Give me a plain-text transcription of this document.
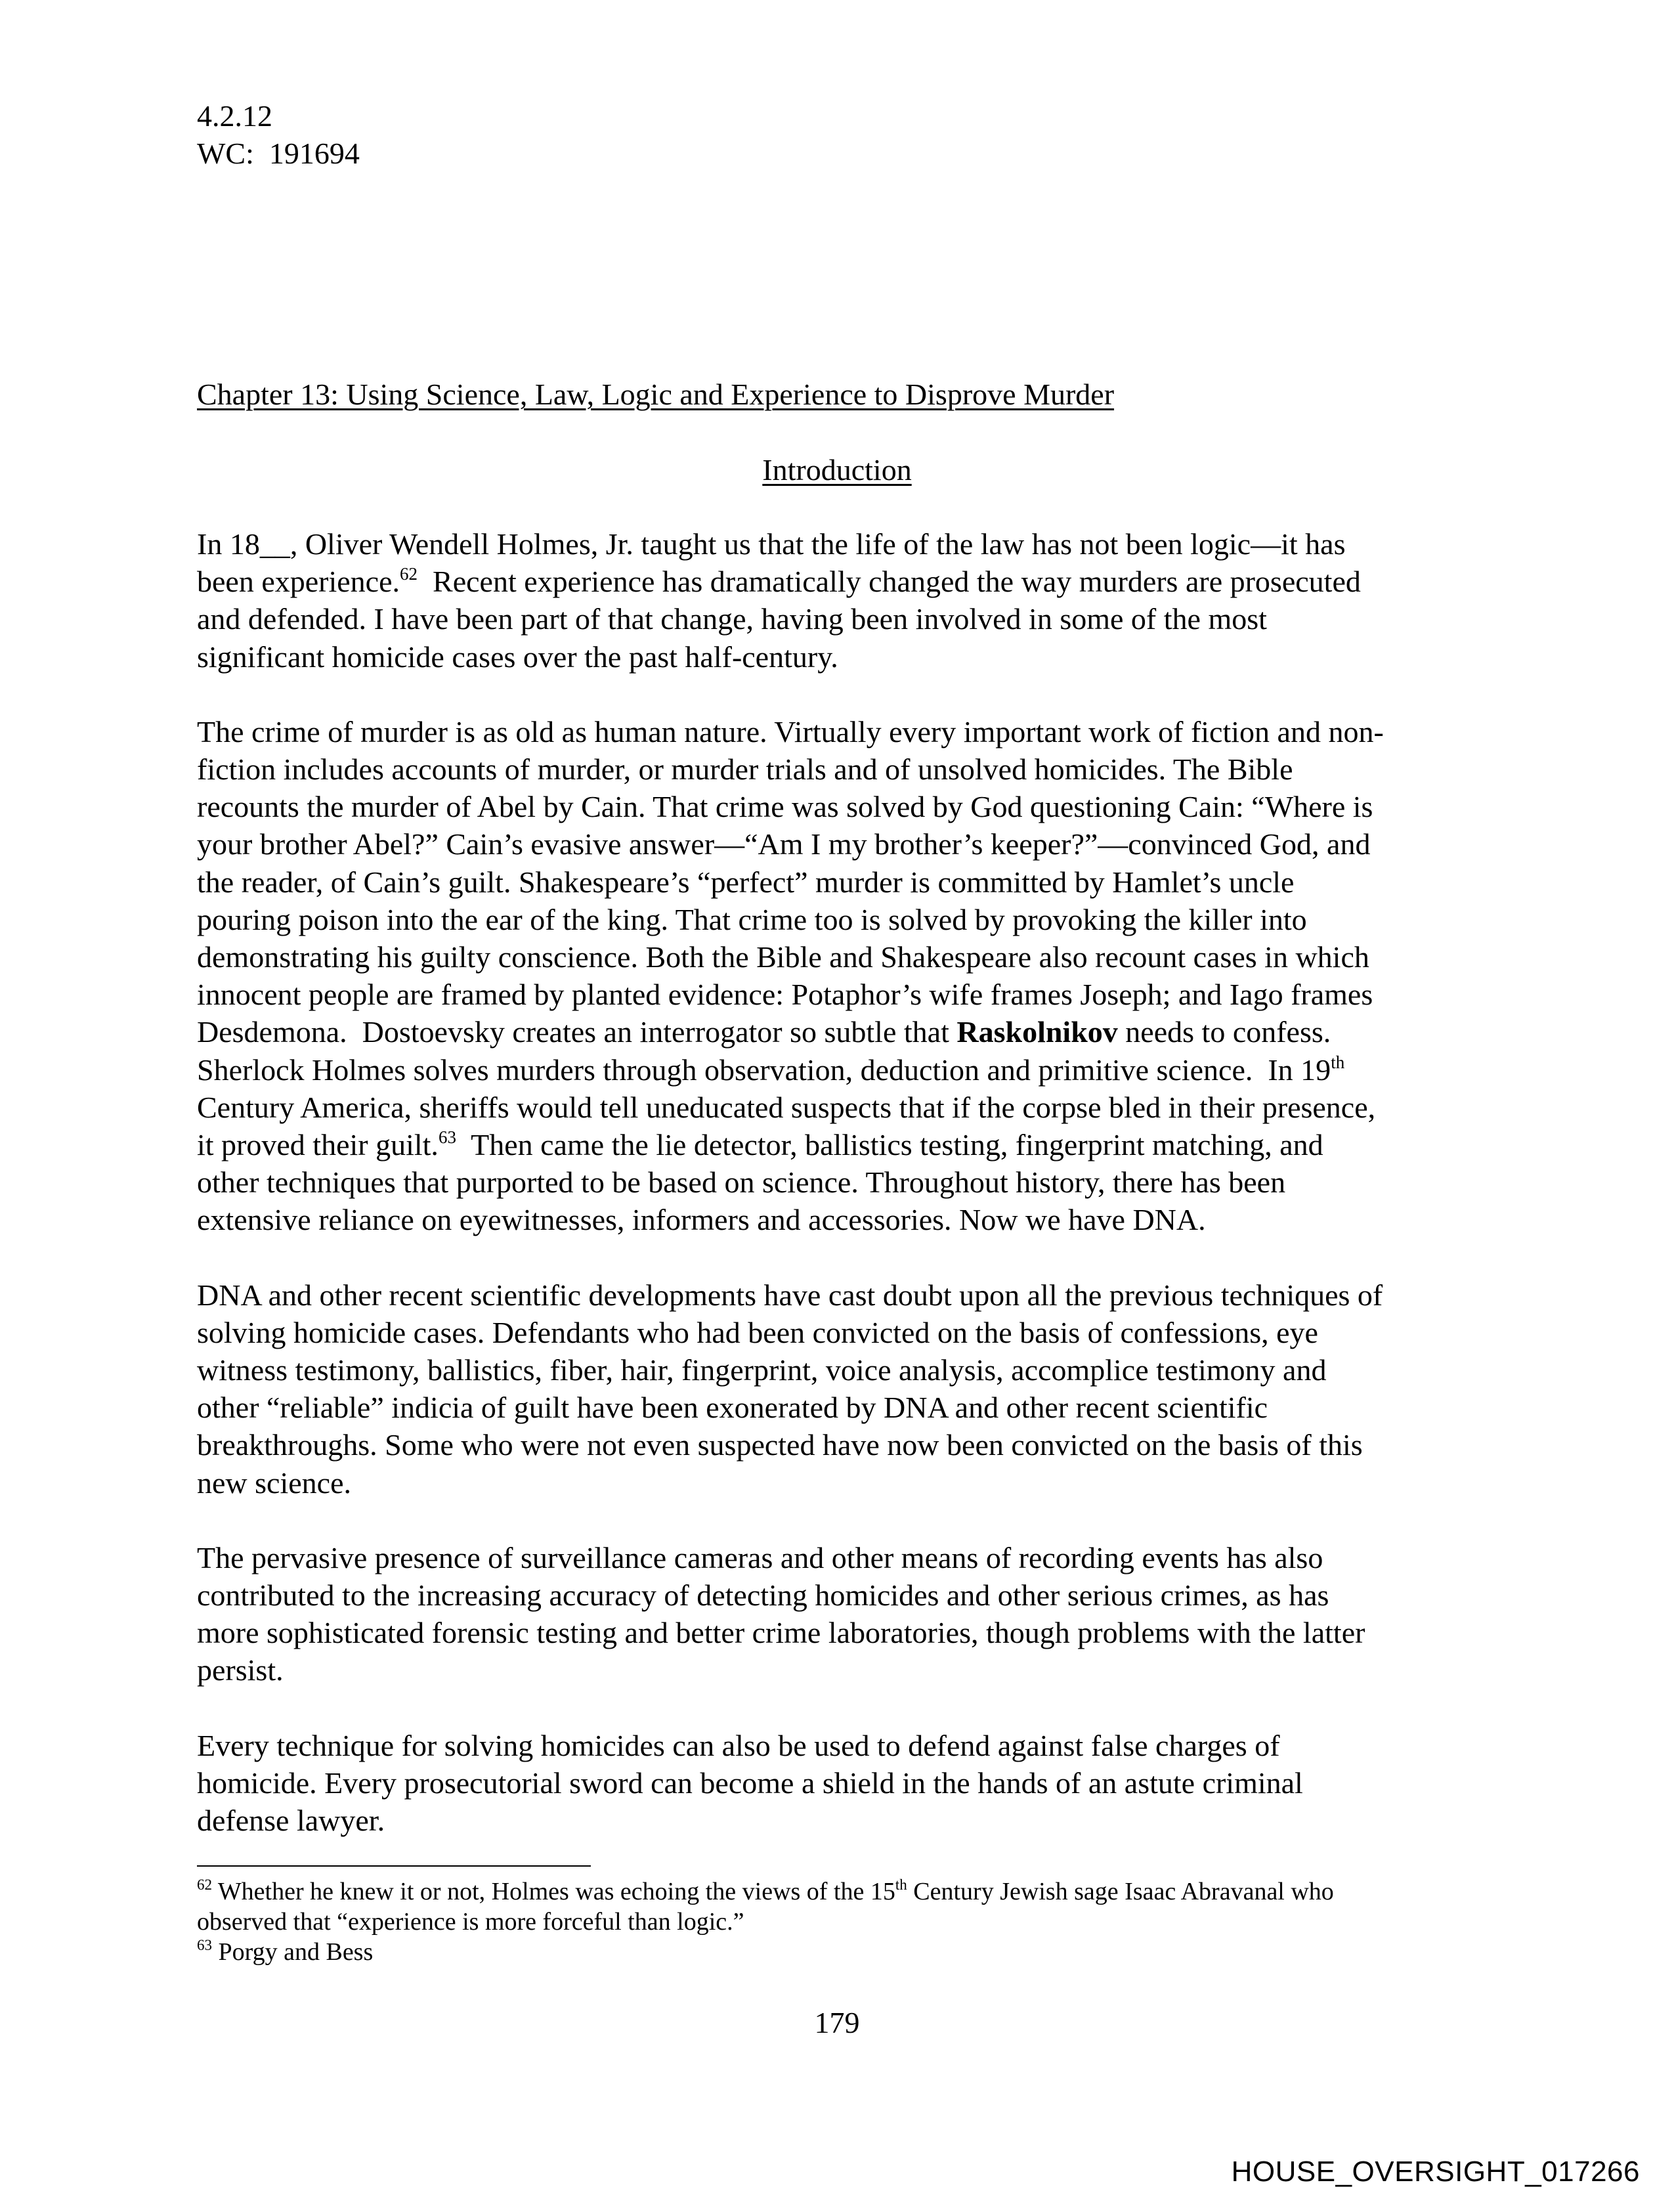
4.2.12
WC: 191694
Chapter 13: Using Science, Law, Logic and Experience to Disprove Murder
Introduction
In 18__, Oliver Wendell Holmes, Jr. taught us that the life of the law has not been logic—it has
been experience.$^{62}$  Recent experience has dramatically changed the way murders are prosecuted
and defended. I have been part of that change, having been involved in some of the most
significant homicide cases over the past half-century.
The crime of murder is as old as human nature. Virtually every important work of fiction and non-
fiction includes accounts of murder, or murder trials and of unsolved homicides. The Bible
recounts the murder of Abel by Cain. That crime was solved by God questioning Cain: “Where is
your brother Abel?” Cain’s evasive answer—“Am I my brother’s keeper?”—convinced God, and
the reader, of Cain’s guilt. Shakespeare’s “perfect” murder is committed by Hamlet’s uncle
pouring poison into the ear of the king. That crime too is solved by provoking the killer into
demonstrating his guilty conscience. Both the Bible and Shakespeare also recount cases in which
innocent people are framed by planted evidence: Potaphor’s wife frames Joseph; and Iago frames
Desdemona.  Dostoevsky creates an interrogator so subtle that Raskolnikov needs to confess.
Sherlock Holmes solves murders through observation, deduction and primitive science.  In 19th
Century America, sheriffs would tell uneducated suspects that if the corpse bled in their presence,
it proved their guilt.$^{63}$  Then came the lie detector, ballistics testing, fingerprint matching, and
other techniques that purported to be based on science. Throughout history, there has been
extensive reliance on eyewitnesses, informers and accessories. Now we have DNA.
DNA and other recent scientific developments have cast doubt upon all the previous techniques of
solving homicide cases. Defendants who had been convicted on the basis of confessions, eye
witness testimony, ballistics, fiber, hair, fingerprint, voice analysis, accomplice testimony and
other “reliable” indicia of guilt have been exonerated by DNA and other recent scientific
breakthroughs. Some who were not even suspected have now been convicted on the basis of this
new science.
The pervasive presence of surveillance cameras and other means of recording events has also
contributed to the increasing accuracy of detecting homicides and other serious crimes, as has
more sophisticated forensic testing and better crime laboratories, though problems with the latter
persist.
Every technique for solving homicides can also be used to defend against false charges of
homicide. Every prosecutorial sword can become a shield in the hands of an astute criminal
defense lawyer.
$^{62}$ Whether he knew it or not, Holmes was echoing the views of the 15th Century Jewish sage Isaac Abravanal who
observed that “experience is more forceful than logic.”
$^{63}$ Porgy and Bess
179
HOUSE_OVERSIGHT_017266
